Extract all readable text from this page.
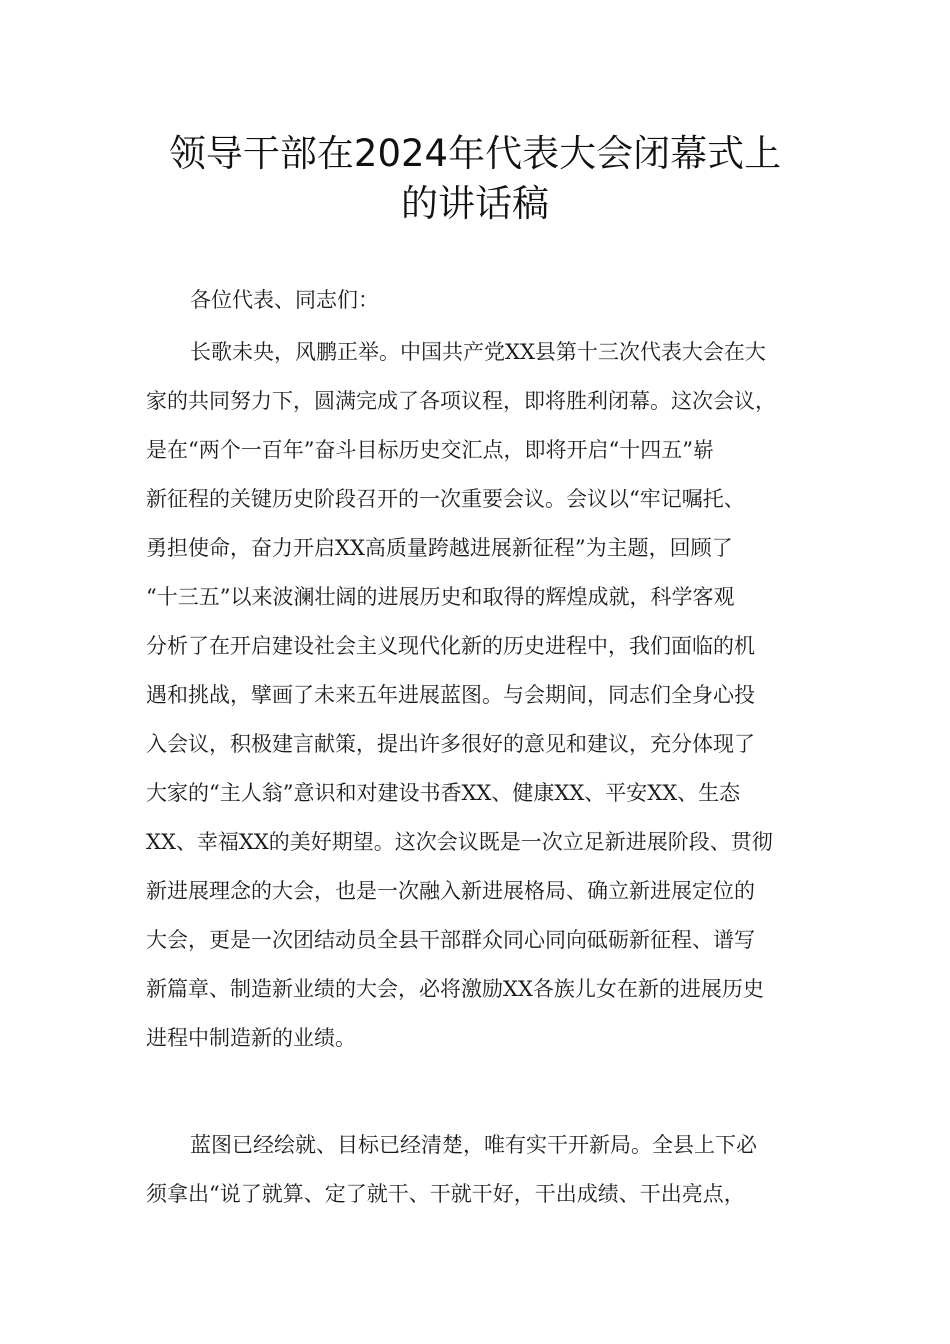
领导干部在2024年代表大会闭幕式上
的讲话稿
各位代表、同志们：
长歌未央，风鹏正举。中国共产党XX县第十三次代表大会在大
家的共同努力下，圆满完成了各项议程，即将胜利闭幕。这次会议，
是在“两个一百年”奋斗目标历史交汇点，即将开启“十四五”崭
新征程的关键历史阶段召开的一次重要会议。会议以“牢记嘱托、
勇担使命，奋力开启XX高质量跨越进展新征程”为主题，回顾了
“十三五”以来波澜壮阔的进展历史和取得的辉煌成就，科学客观
分析了在开启建设社会主义现代化新的历史进程中，我们面临的机
遇和挑战，擘画了未来五年进展蓝图。与会期间，同志们全身心投
入会议，积极建言献策，提出许多很好的意见和建议，充分体现了
大家的“主人翁”意识和对建设书香XX、健康XX、平安XX、生态
XX、幸福XX的美好期望。这次会议既是一次立足新进展阶段、贯彻
新进展理念的大会，也是一次融入新进展格局、确立新进展定位的
大会，更是一次团结动员全县干部群众同心同向砥砺新征程、谱写
新篇章、制造新业绩的大会，必将激励XX各族儿女在新的进展历史
进程中制造新的业绩。
蓝图已经绘就、目标已经清楚，唯有实干开新局。全县上下必
须拿出“说了就算、定了就干、干就干好，干出成绩、干出亮点，
